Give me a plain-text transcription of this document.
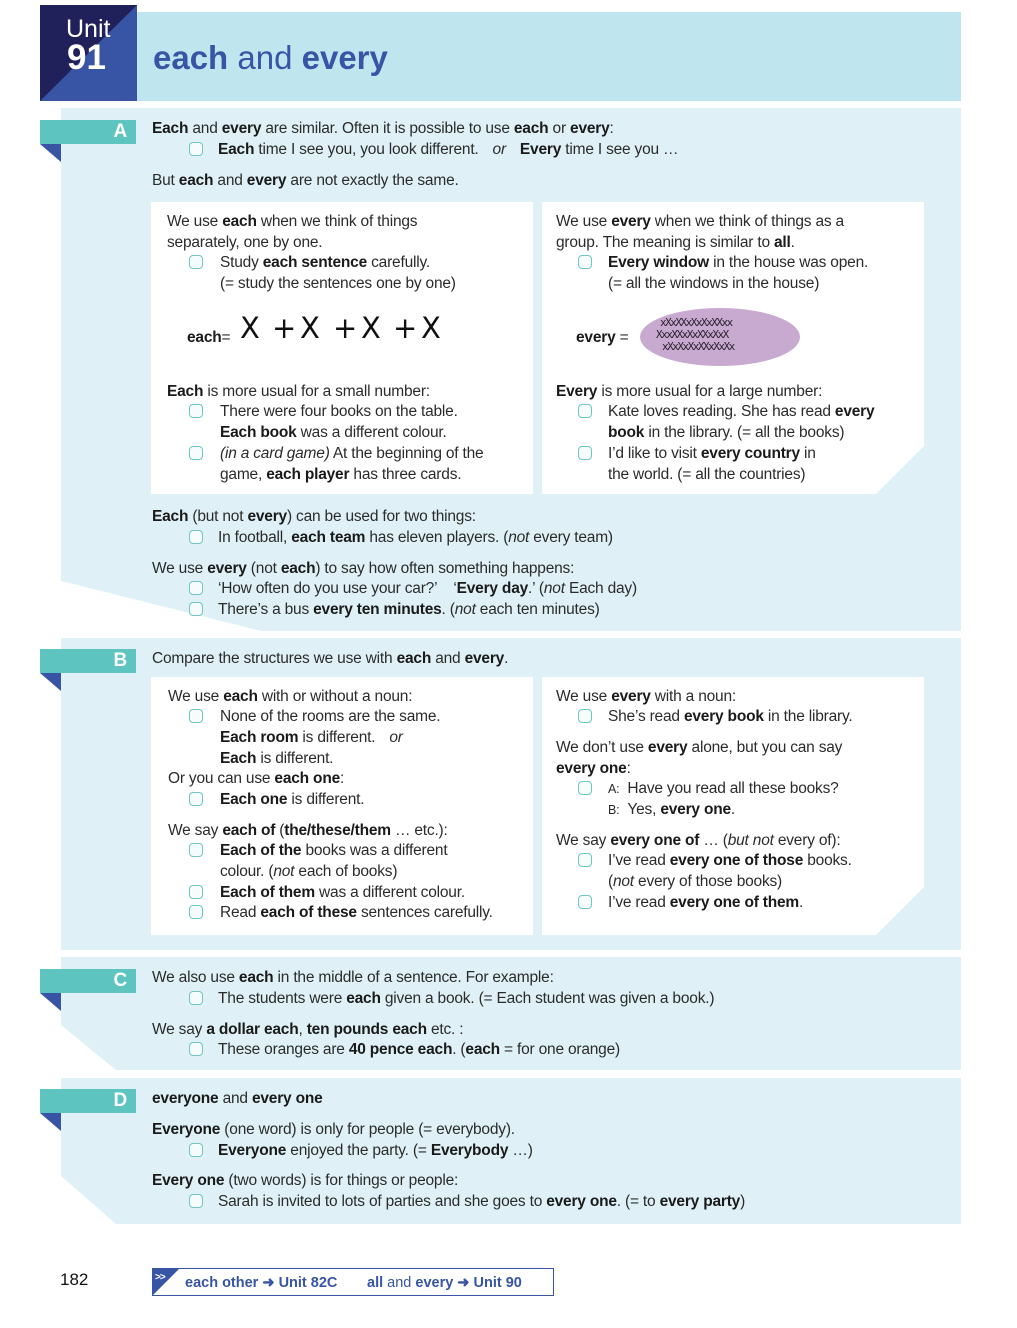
Unit
91 each and every
A	Each and every are similar. Often it is possible to use each or every:
Each time I see you, you look different. or Every time I see you …
But each and every are not exactly the same.
We use each when we think of things
separately, one by one.
Study each sentence carefully.
(= study the sentences one by one)
each= X + X + X + X
Each is more usual for a small number:
There were four books on the table.
Each book was a different colour.
(in a card game) At the beginning of the
game, each player has three cards.
We use every when we think of things as a
group. The meaning is similar to all.
Every window in the house was open.
(= all the windows in the house)
every =
xXxXXxXxXxXXxx
XxxXXxXxXXxXxX
xXxXxXxXXxXxXx
Every is more usual for a large number:
Kate loves reading. She has read every
book in the library. (= all the books)
I’d like to visit every country in
the world. (= all the countries)
Each (but not every) can be used for two things:
In football, each team has eleven players. (not every team)
We use every (not each) to say how often something happens:
‘How often do you use your car?’ ‘Every day.’ (not Each day)
There’s a bus every ten minutes. (not each ten minutes)
B	Compare the structures we use with each and every.
We use each with or without a noun:
None of the rooms are the same.
Each room is different. or
Each is different.
Or you can use each one:
Each one is different.
We say each of (the/these/them … etc.):
Each of the books was a different
colour. (not each of books)
Each of them was a different colour.
Read each of these sentences carefully.
We use every with a noun:
She’s read every book in the library.
We don’t use every alone, but you can say
every one:
A: Have you read all these books?
B: Yes, every one.
We say every one of … (but not every of):
I’ve read every one of those books.
(not every of those books)
I’ve read every one of them.
C	We also use each in the middle of a sentence. For example:
The students were each given a book. (= Each student was given a book.)
We say a dollar each, ten pounds each etc. :
These oranges are 40 pence each. (each = for one orange)
D	everyone and every one
Everyone (one word) is only for people (= everybody).
Everyone enjoyed the party. (= Everybody …)
Every one (two words) is for things or people:
Sarah is invited to lots of parties and she goes to every one. (= to every party)
182	>> each other ➜ Unit 82C all and every ➜ Unit 90
